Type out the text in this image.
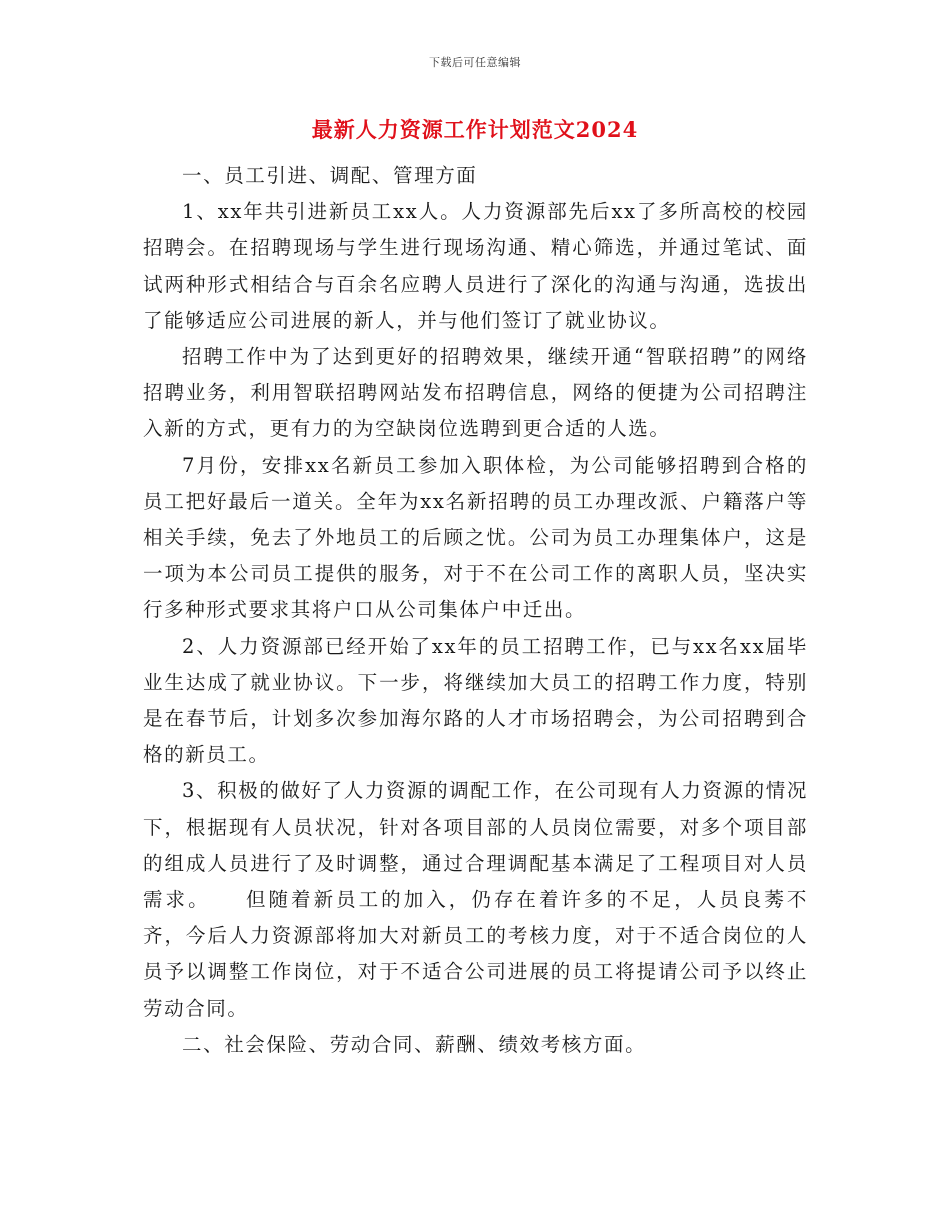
下载后可任意编辑
最新人力资源工作计划范文2024

一、员工引进、调配、管理方面

1、xx年共引进新员工xx人。人力资源部先后xx了多所高校的校园招聘会。在招聘现场与学生进行现场沟通、精心筛选，并通过笔试、面试两种形式相结合与百余名应聘人员进行了深化的沟通与沟通，选拔出了能够适应公司进展的新人，并与他们签订了就业协议。

招聘工作中为了达到更好的招聘效果，继续开通“智联招聘”的网络招聘业务，利用智联招聘网站发布招聘信息，网络的便捷为公司招聘注入新的方式，更有力的为空缺岗位选聘到更合适的人选。

7月份，安排xx名新员工参加入职体检，为公司能够招聘到合格的员工把好最后一道关。全年为xx名新招聘的员工办理改派、户籍落户等相关手续，免去了外地员工的后顾之忧。公司为员工办理集体户，这是一项为本公司员工提供的服务，对于不在公司工作的离职人员，坚决实行多种形式要求其将户口从公司集体户中迁出。

2、人力资源部已经开始了xx年的员工招聘工作，已与xx名xx届毕业生达成了就业协议。下一步，将继续加大员工的招聘工作力度，特别是在春节后，计划多次参加海尔路的人才市场招聘会，为公司招聘到合格的新员工。

3、积极的做好了人力资源的调配工作，在公司现有人力资源的情况下，根据现有人员状况，针对各项目部的人员岗位需要，对多个项目部的组成人员进行了及时调整，通过合理调配基本满足了工程项目对人员需求。　　但随着新员工的加入，仍存在着许多的不足，人员良莠不齐，今后人力资源部将加大对新员工的考核力度，对于不适合岗位的人员予以调整工作岗位，对于不适合公司进展的员工将提请公司予以终止劳动合同。

二、社会保险、劳动合同、薪酬、绩效考核方面。
